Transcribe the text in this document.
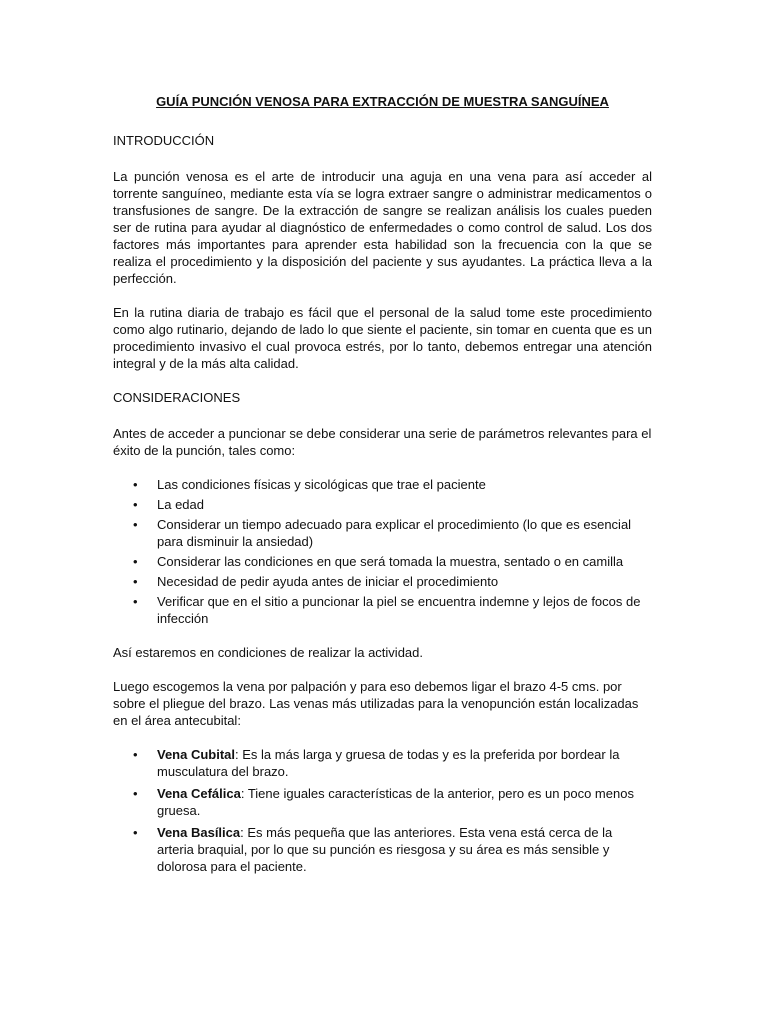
GUÍA PUNCIÓN VENOSA PARA EXTRACCIÓN DE MUESTRA SANGUÍNEA
INTRODUCCIÓN

La punción venosa es el arte de introducir una aguja en una vena para así acceder al torrente sanguíneo, mediante esta vía se logra extraer sangre o administrar medicamentos o transfusiones de sangre. De la extracción de sangre se realizan análisis los cuales pueden ser de rutina para ayudar al diagnóstico de enfermedades o como control de salud. Los dos factores más importantes para aprender esta habilidad son la frecuencia con la que se realiza el procedimiento y la disposición del paciente y sus ayudantes. La práctica lleva a la perfección.

En la rutina diaria de trabajo es fácil que el personal de la salud tome este procedimiento como algo rutinario, dejando de lado lo que siente el paciente, sin tomar en cuenta que es un procedimiento invasivo el cual provoca estrés, por lo tanto, debemos entregar una atención integral y de la más alta calidad.

CONSIDERACIONES

Antes de acceder a puncionar se debe considerar una serie de parámetros relevantes para el éxito de la punción, tales como:

• Las condiciones físicas y sicológicas que trae el paciente
• La edad
• Considerar un tiempo adecuado para explicar el procedimiento (lo que es esencial para disminuir la ansiedad)
• Considerar las condiciones en que será tomada la muestra, sentado o en camilla
• Necesidad de pedir ayuda antes de iniciar el procedimiento
• Verificar que en el sitio a puncionar la piel se encuentra indemne y lejos de focos de infección

Así estaremos en condiciones de realizar la actividad.

Luego escogemos la vena por palpación y para eso debemos ligar el brazo 4-5 cms. por sobre el pliegue del brazo. Las venas más utilizadas para la venopunción están localizadas en el área antecubital:

• Vena Cubital: Es la más larga y gruesa de todas y es la preferida por bordear la musculatura del brazo.
• Vena Cefálica: Tiene iguales características de la anterior, pero es un poco menos gruesa.
• Vena Basílica: Es más pequeña que las anteriores. Esta vena está cerca de la arteria braquial, por lo que su punción es riesgosa y su área es más sensible y dolorosa para el paciente.
